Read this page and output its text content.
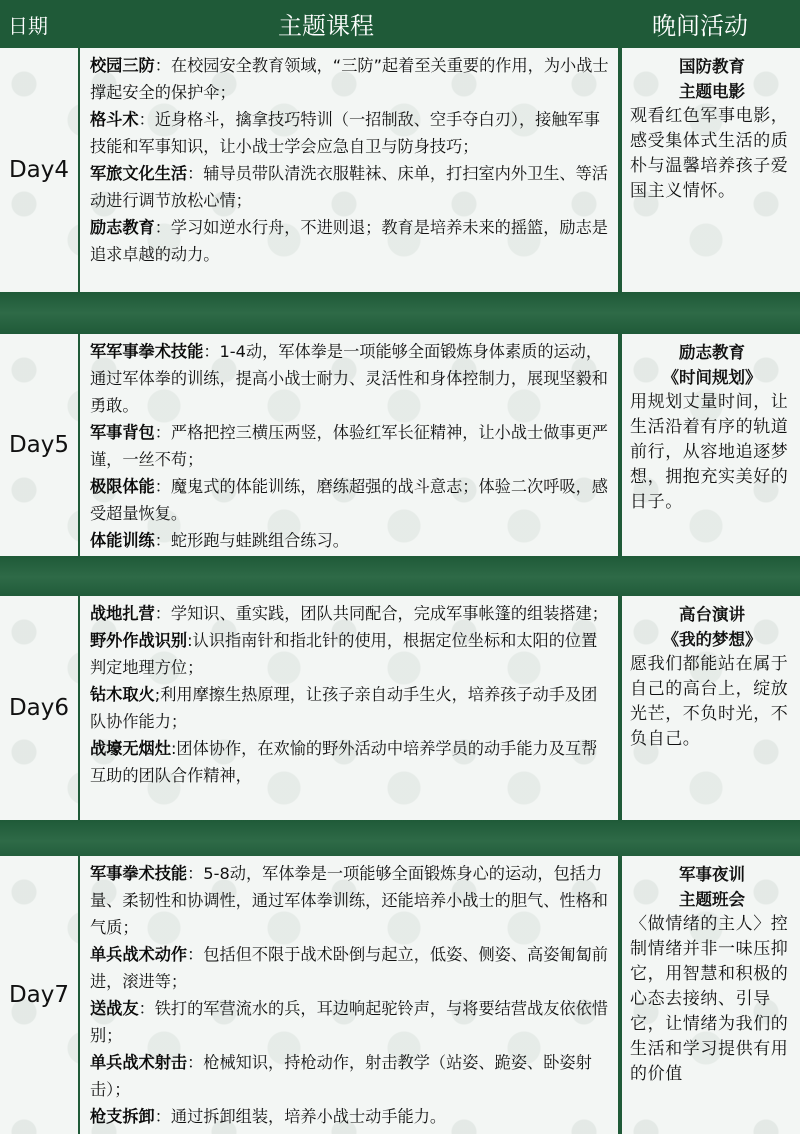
日期	主题课程	晚间活动
Day4

校园三防：在校园安全教育领域，“三防”起着至关重要的作用，为小战士撑起安全的保护伞；

格斗术：近身格斗，擒拿技巧特训（一招制敌、空手夺白刃），接触军事技能和军事知识，让小战士学会应急自卫与防身技巧；

军旅文化生活：辅导员带队清洗衣服鞋袜、床单，打扫室内外卫生、等活动进行调节放松心情；

励志教育：学习如逆水行舟，不进则退；教育是培养未来的摇篮，励志是追求卓越的动力。

国防教育
主题电影
观看红色军事电影，感受集体式生活的质朴与温馨培养孩子爱国主义情怀。
Day5

军军事拳术技能：1-4动，军体拳是一项能够全面锻炼身体素质的运动，通过军体拳的训练，提高小战士耐力、灵活性和身体控制力，展现坚毅和勇敢。

军事背包：严格把控三横压两竖，体验红军长征精神，让小战士做事更严谨，一丝不苟；

极限体能：魔鬼式的体能训练，磨练超强的战斗意志；体验二次呼吸，感受超量恢复。

体能训练：蛇形跑与蛙跳组合练习。

励志教育
《时间规划》
用规划丈量时间，让生活沿着有序的轨道前行，从容地追逐梦想，拥抱充实美好的日子。
Day6

战地扎营：学知识、重实践，团队共同配合，完成军事帐篷的组装搭建；

野外作战识别:认识指南针和指北针的使用，根据定位坐标和太阳的位置判定地理方位；

钻木取火;利用摩擦生热原理，让孩子亲自动手生火，培养孩子动手及团队协作能力；

战壕无烟灶:团体协作，在欢愉的野外活动中培养学员的动手能力及互帮互助的团队合作精神，

高台演讲
《我的梦想》
愿我们都能站在属于自己的高台上，绽放光芒，不负时光，不负自己。
Day7

军事拳术技能：5-8动，军体拳是一项能够全面锻炼身心的运动，包括力量、柔韧性和协调性，通过军体拳训练，还能培养小战士的胆气、性格和气质；

单兵战术动作：包括但不限于战术卧倒与起立，低姿、侧姿、高姿匍匐前进，滚进等；

送战友：铁打的军营流水的兵，耳边响起驼铃声，与将要结营战友依依惜别；

单兵战术射击：枪械知识，持枪动作，射击教学（站姿、跪姿、卧姿射击）；

枪支拆卸：通过拆卸组装，培养小战士动手能力。

军事夜训
主题班会
〈做情绪的主人〉控制情绪并非一味压抑它，用智慧和积极的心态去接纳、引导它，让情绪为我们的生活和学习提供有用的价值
